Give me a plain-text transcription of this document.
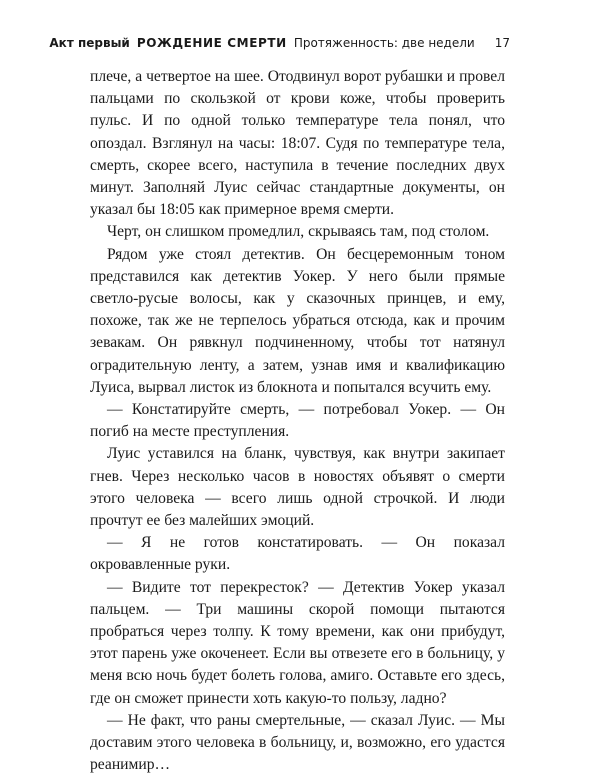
Акт первый РОЖДЕНИЕ СМЕРТИ Протяженность: две недели 17

плече, а четвертое на шее. Отодвинул ворот рубашки и провел пальцами по скользкой от крови коже, чтобы проверить пульс. И по одной только температуре тела понял, что опоздал. Взглянул на часы: 18:07. Судя по температуре тела, смерть, скорее всего, наступила в течение последних двух минут. Заполняй Луис сейчас стандартные документы, он указал бы 18:05 как примерное время смерти.

Черт, он слишком промедлил, скрываясь там, под столом.

Рядом уже стоял детектив. Он бесцеремонным тоном представился как детектив Уокер. У него были прямые светло-русые волосы, как у сказочных принцев, и ему, похоже, так же не терпелось убраться отсюда, как и прочим зевакам. Он рявкнул подчиненному, чтобы тот натянул оградительную ленту, а затем, узнав имя и квалификацию Луиса, вырвал листок из блокнота и попытался всучить ему.

— Констатируйте смерть, — потребовал Уокер. — Он погиб на месте преступления.

Луис уставился на бланк, чувствуя, как внутри закипает гнев. Через несколько часов в новостях объявят о смерти этого человека — всего лишь одной строчкой. И люди прочтут ее без малейших эмоций.

— Я не готов констатировать. — Он показал окровавленные руки.

— Видите тот перекресток? — Детектив Уокер указал пальцем. — Три машины скорой помощи пытаются пробраться через толпу. К тому времени, как они прибудут, этот парень уже окоченеет. Если вы отвезете его в больницу, у меня всю ночь будет болеть голова, амиго. Оставьте его здесь, где он сможет принести хоть какую-то пользу, ладно?

— Не факт, что раны смертельные, — сказал Луис. — Мы доставим этого человека в больницу, и, возможно, его удастся реанимир…
